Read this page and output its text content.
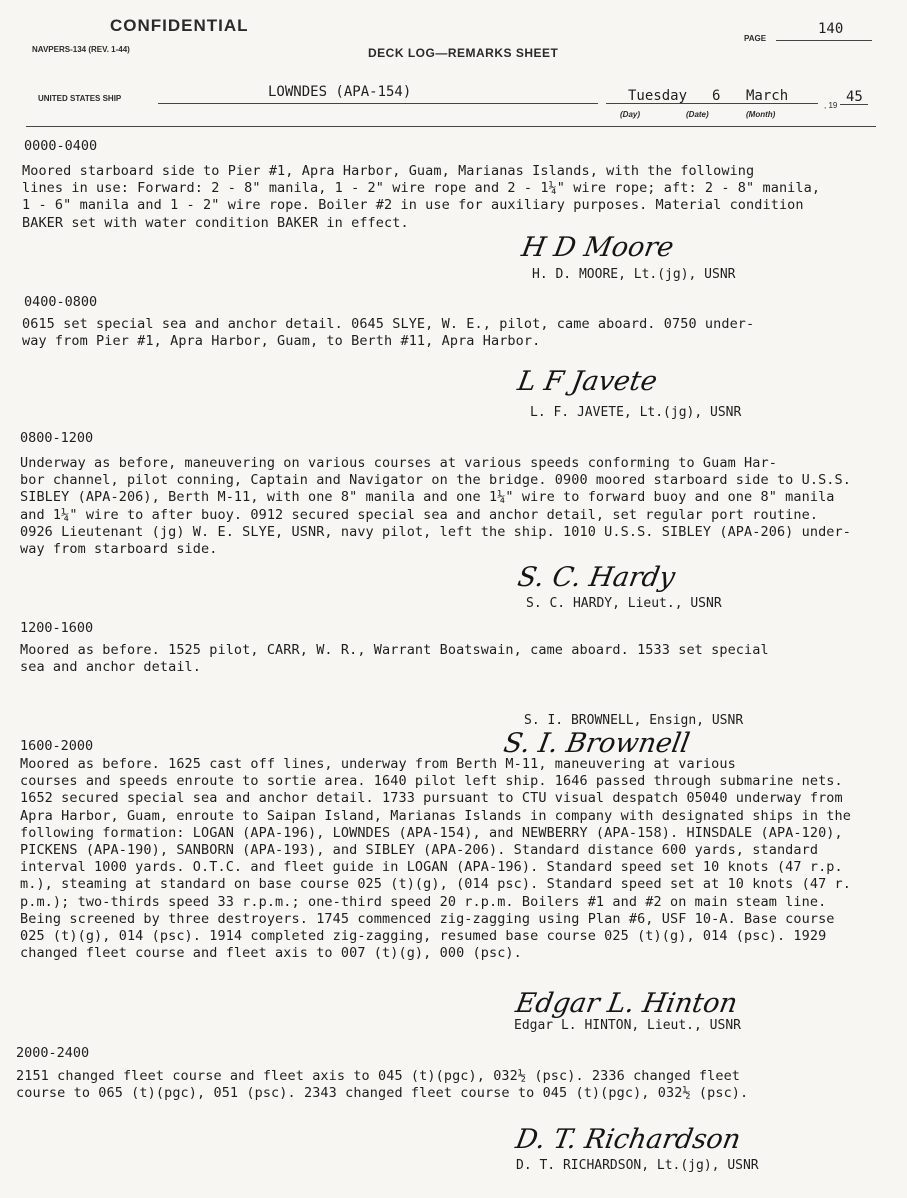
CONFIDENTIAL
NAVPERS-134 (REV. 1-44)	DECK LOG—REMARKS SHEET
PAGE
140
UNITED STATES SHIP	LOWNDES (APA-154)	Tuesday 6 March
(Day)	(Date)	(Month)
, 19
45
0000-0400
Moored starboard side to Pier #1, Apra Harbor, Guam, Marianas Islands, with the following
lines in use: Forward: 2 - 8" manila, 1 - 2" wire rope and 2 - 1¼" wire rope; aft: 2 - 8" manila,
1 - 6" manila and 1 - 2" wire rope. Boiler #2 in use for auxiliary purposes. Material condition
BAKER set with water condition BAKER in effect.
H D Moore
H. D. MOORE, Lt.(jg), USNR
0400-0800
0615 set special sea and anchor detail. 0645 SLYE, W. E., pilot, came aboard. 0750 under-
way from Pier #1, Apra Harbor, Guam, to Berth #11, Apra Harbor.
L F Javete
L. F. JAVETE, Lt.(jg), USNR
0800-1200
Underway as before, maneuvering on various courses at various speeds conforming to Guam Har-
bor channel, pilot conning, Captain and Navigator on the bridge. 0900 moored starboard side to U.S.S.
SIBLEY (APA-206), Berth M-11, with one 8" manila and one 1¼" wire to forward buoy and one 8" manila
and 1¼" wire to after buoy. 0912 secured special sea and anchor detail, set regular port routine.
0926 Lieutenant (jg) W. E. SLYE, USNR, navy pilot, left the ship. 1010 U.S.S. SIBLEY (APA-206) under-
way from starboard side.
S. C. Hardy
S. C. HARDY, Lieut., USNR
1200-1600
Moored as before. 1525 pilot, CARR, W. R., Warrant Boatswain, came aboard. 1533 set special
sea and anchor detail.
S. I. BROWNELL, Ensign, USNR
S. I. Brownell
1600-2000
Moored as before. 1625 cast off lines, underway from Berth M-11, maneuvering at various
courses and speeds enroute to sortie area. 1640 pilot left ship. 1646 passed through submarine nets.
1652 secured special sea and anchor detail. 1733 pursuant to CTU visual despatch 05040 underway from
Apra Harbor, Guam, enroute to Saipan Island, Marianas Islands in company with designated ships in the
following formation: LOGAN (APA-196), LOWNDES (APA-154), and NEWBERRY (APA-158). HINSDALE (APA-120),
PICKENS (APA-190), SANBORN (APA-193), and SIBLEY (APA-206). Standard distance 600 yards, standard
interval 1000 yards. O.T.C. and fleet guide in LOGAN (APA-196). Standard speed set 10 knots (47 r.p.
m.), steaming at standard on base course 025 (t)(g), (014 psc). Standard speed set at 10 knots (47 r.
p.m.); two-thirds speed 33 r.p.m.; one-third speed 20 r.p.m. Boilers #1 and #2 on main steam line.
Being screened by three destroyers. 1745 commenced zig-zagging using Plan #6, USF 10-A. Base course
025 (t)(g), 014 (psc). 1914 completed zig-zagging, resumed base course 025 (t)(g), 014 (psc). 1929
changed fleet course and fleet axis to 007 (t)(g), 000 (psc).
Edgar L. Hinton
Edgar L. HINTON, Lieut., USNR
2000-2400
2151 changed fleet course and fleet axis to 045 (t)(pgc), 032½ (psc). 2336 changed fleet
course to 065 (t)(pgc), 051 (psc). 2343 changed fleet course to 045 (t)(pgc), 032½ (psc).
D. T. Richardson
D. T. RICHARDSON, Lt.(jg), USNR
